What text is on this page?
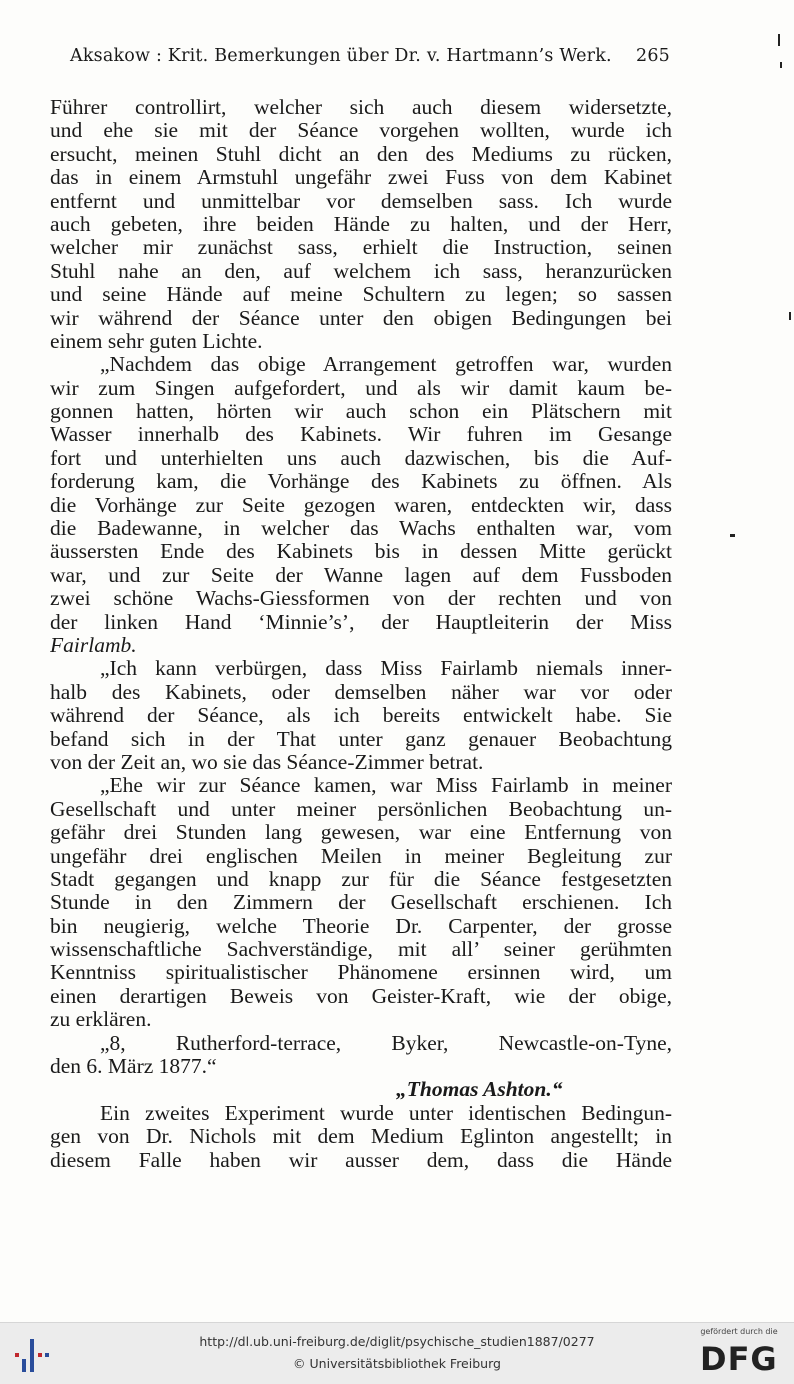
Aksakow : Krit. Bemerkungen über Dr. v. Hartmann’s Werk. 265
Führer controllirt, welcher sich auch diesem widersetzte,
und ehe sie mit der Séance vorgehen wollten, wurde ich
ersucht, meinen Stuhl dicht an den des Mediums zu rücken,
das in einem Armstuhl ungefähr zwei Fuss von dem Kabinet
entfernt und unmittelbar vor demselben sass. Ich wurde
auch gebeten, ihre beiden Hände zu halten, und der Herr,
welcher mir zunächst sass, erhielt die Instruction, seinen
Stuhl nahe an den, auf welchem ich sass, heranzurücken
und seine Hände auf meine Schultern zu legen; so sassen
wir während der Séance unter den obigen Bedingungen bei
einem sehr guten Lichte.
„Nachdem das obige Arrangement getroffen war, wurden
wir zum Singen aufgefordert, und als wir damit kaum be-
gonnen hatten, hörten wir auch schon ein Plätschern mit
Wasser innerhalb des Kabinets. Wir fuhren im Gesange
fort und unterhielten uns auch dazwischen, bis die Auf-
forderung kam, die Vorhänge des Kabinets zu öffnen. Als
die Vorhänge zur Seite gezogen waren, entdeckten wir, dass
die Badewanne, in welcher das Wachs enthalten war, vom
äussersten Ende des Kabinets bis in dessen Mitte gerückt
war, und zur Seite der Wanne lagen auf dem Fussboden
zwei schöne Wachs-Giessformen von der rechten und von
der linken Hand ‘Minnie’s’, der Hauptleiterin der Miss
Fairlamb.
„Ich kann verbürgen, dass Miss Fairlamb niemals inner-
halb des Kabinets, oder demselben näher war vor oder
während der Séance, als ich bereits entwickelt habe. Sie
befand sich in der That unter ganz genauer Beobachtung
von der Zeit an, wo sie das Séance-Zimmer betrat.
„Ehe wir zur Séance kamen, war Miss Fairlamb in meiner
Gesellschaft und unter meiner persönlichen Beobachtung un-
gefähr drei Stunden lang gewesen, war eine Entfernung von
ungefähr drei englischen Meilen in meiner Begleitung zur
Stadt gegangen und knapp zur für die Séance festgesetzten
Stunde in den Zimmern der Gesellschaft erschienen. Ich
bin neugierig, welche Theorie Dr. Carpenter, der grosse
wissenschaftliche Sachverständige, mit all’ seiner gerühmten
Kenntniss spiritualistischer Phänomene ersinnen wird, um
einen derartigen Beweis von Geister-Kraft, wie der obige,
zu erklären.
„8, Rutherford-terrace, Byker, Newcastle-on-Tyne,
den 6. März 1877.“
„Thomas Ashton.“
Ein zweites Experiment wurde unter identischen Bedingun-
gen von Dr. Nichols mit dem Medium Eglinton angestellt; in
diesem Falle haben wir ausser dem, dass die Hände
http://dl.ub.uni-freiburg.de/diglit/psychische_studien1887/0277
© Universitätsbibliothek Freiburg
gefördert durch die
DFG
